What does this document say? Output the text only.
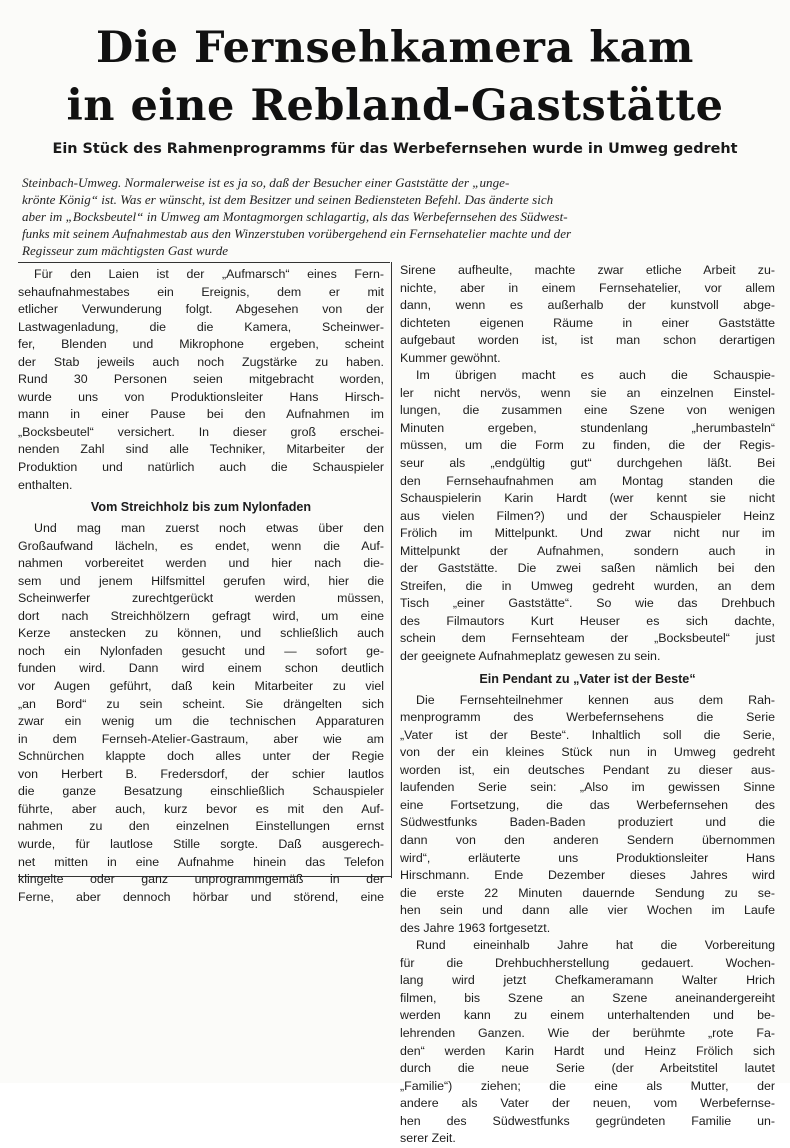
Die Fernsehkamera kam
in eine Rebland-Gaststätte

Ein Stück des Rahmenprogramms für das Werbefernsehen wurde in Umweg gedreht

Steinbach-Umweg. Normalerweise ist es ja so, daß der Besucher einer Gaststätte der „unge-
krönte König“ ist. Was er wünscht, ist dem Besitzer und seinen Bediensteten Befehl. Das änderte sich
aber im „Bocksbeutel“ in Umweg am Montagmorgen schlagartig, als das Werbefernsehen des Südwest-
funks mit seinem Aufnahmestab aus den Winzerstuben vorübergehend ein Fernsehatelier machte und der
Regisseur zum mächtigsten Gast wurde
Für den Laien ist der „Aufmarsch“ eines Fern-
sehaufnahmestabes ein Ereignis, dem er mit
etlicher Verwunderung folgt. Abgesehen von der
Lastwagenladung, die die Kamera, Scheinwer-
fer, Blenden und Mikrophone ergeben, scheint
der Stab jeweils auch noch Zugstärke zu haben.
Rund 30 Personen seien mitgebracht worden,
wurde uns von Produktionsleiter Hans Hirsch-
mann in einer Pause bei den Aufnahmen im
„Bocksbeutel“ versichert. In dieser groß erschei-
nenden Zahl sind alle Techniker, Mitarbeiter der
Produktion und natürlich auch die Schauspieler
enthalten.
Vom Streichholz bis zum Nylonfaden
Und mag man zuerst noch etwas über den
Großaufwand lächeln, es endet, wenn die Auf-
nahmen vorbereitet werden und hier nach die-
sem und jenem Hilfsmittel gerufen wird, hier die
Scheinwerfer zurechtgerückt werden müssen,
dort nach Streichhölzern gefragt wird, um eine
Kerze anstecken zu können, und schließlich auch
noch ein Nylonfaden gesucht und — sofort ge-
funden wird. Dann wird einem schon deutlich
vor Augen geführt, daß kein Mitarbeiter zu viel
„an Bord“ zu sein scheint. Sie drängelten sich
zwar ein wenig um die technischen Apparaturen
in dem Fernseh-Atelier-Gastraum, aber wie am
Schnürchen klappte doch alles unter der Regie
von Herbert B. Fredersdorf, der schier lautlos
die ganze Besatzung einschließlich Schauspieler
führte, aber auch, kurz bevor es mit den Auf-
nahmen zu den einzelnen Einstellungen ernst
wurde, für lautlose Stille sorgte. Daß ausgerech-
net mitten in eine Aufnahme hinein das Telefon
klingelte oder ganz unprogrammgemäß in der
Ferne, aber dennoch hörbar und störend, eine
Sirene aufheulte, machte zwar etliche Arbeit zu-
nichte, aber in einem Fernsehatelier, vor allem
dann, wenn es außerhalb der kunstvoll abge-
dichteten eigenen Räume in einer Gaststätte
aufgebaut worden ist, ist man schon derartigen
Kummer gewöhnt.
Im übrigen macht es auch die Schauspie-
ler nicht nervös, wenn sie an einzelnen Einstel-
lungen, die zusammen eine Szene von wenigen
Minuten ergeben, stundenlang „herumbasteln“
müssen, um die Form zu finden, die der Regis-
seur als „endgültig gut“ durchgehen läßt. Bei
den Fernsehaufnahmen am Montag standen die
Schauspielerin Karin Hardt (wer kennt sie nicht
aus vielen Filmen?) und der Schauspieler Heinz
Frölich im Mittelpunkt. Und zwar nicht nur im
Mittelpunkt der Aufnahmen, sondern auch in
der Gaststätte. Die zwei saßen nämlich bei den
Streifen, die in Umweg gedreht wurden, an dem
Tisch „einer Gaststätte“. So wie das Drehbuch
des Filmautors Kurt Heuser es sich dachte,
schein dem Fernsehteam der „Bocksbeutel“ just
der geeignete Aufnahmeplatz gewesen zu sein.
Ein Pendant zu „Vater ist der Beste“
Die Fernsehteilnehmer kennen aus dem Rah-
menprogramm des Werbefernsehens die Serie
„Vater ist der Beste“. Inhaltlich soll die Serie,
von der ein kleines Stück nun in Umweg gedreht
worden ist, ein deutsches Pendant zu dieser aus-
laufenden Serie sein: „Also im gewissen Sinne
eine Fortsetzung, die das Werbefernsehen des
Südwestfunks Baden-Baden produziert und die
dann von den anderen Sendern übernommen
wird“, erläuterte uns Produktionsleiter Hans
Hirschmann. Ende Dezember dieses Jahres wird
die erste 22 Minuten dauernde Sendung zu se-
hen sein und dann alle vier Wochen im Laufe
des Jahre 1963 fortgesetzt.
Rund eineinhalb Jahre hat die Vorbereitung
für die Drehbuchherstellung gedauert. Wochen-
lang wird jetzt Chefkameramann Walter Hrich
filmen, bis Szene an Szene aneinandergereiht
werden kann zu einem unterhaltenden und be-
lehrenden Ganzen. Wie der berühmte „rote Fa-
den“ werden Karin Hardt und Heinz Frölich sich
durch die neue Serie (der Arbeitstitel lautet
„Familie“) ziehen; die eine als Mutter, der
andere als Vater der neuen, vom Werbefernse-
hen des Südwestfunks gegründeten Familie un-
serer Zeit.
